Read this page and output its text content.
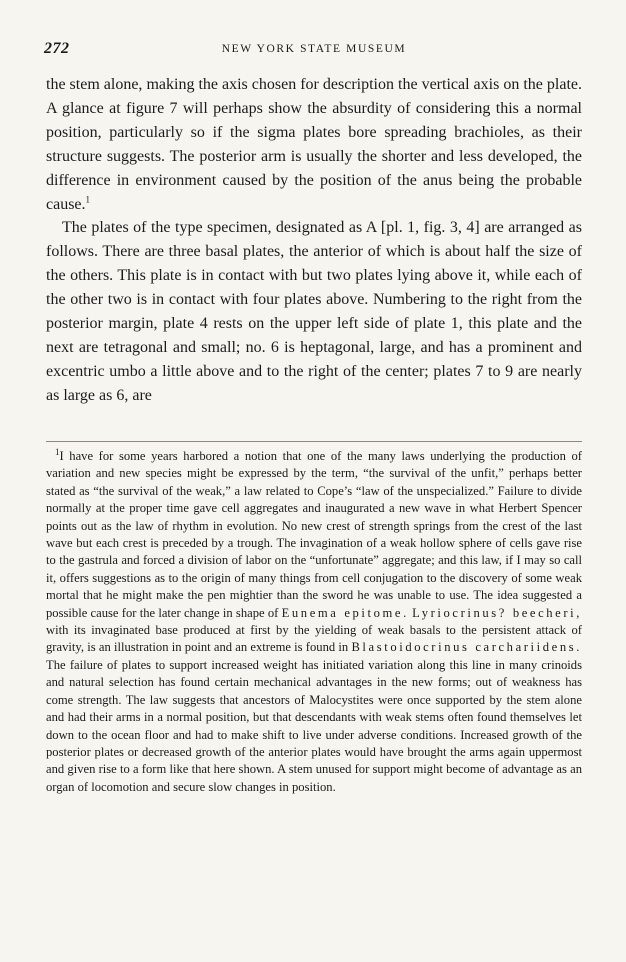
272	NEW YORK STATE MUSEUM

the stem alone, making the axis chosen for description the vertical axis on the plate. A glance at figure 7 will perhaps show the absurdity of considering this a normal position, particularly so if the sigma plates bore spreading brachioles, as their structure suggests. The posterior arm is usually the shorter and less developed, the difference in environment caused by the position of the anus being the probable cause.$^1$

The plates of the type specimen, designated as A [pl. 1, fig. 3, 4] are arranged as follows. There are three basal plates, the anterior of which is about half the size of the others. This plate is in contact with but two plates lying above it, while each of the other two is in contact with four plates above. Numbering to the right from the posterior margin, plate 4 rests on the upper left side of plate 1, this plate and the next are tetragonal and small; no. 6 is heptagonal, large, and has a prominent and excentric umbo a little above and to the right of the center; plates 7 to 9 are nearly as large as 6, are

$^1$I have for some years harbored a notion that one of the many laws underlying the production of variation and new species might be expressed by the term, “the survival of the unfit,” perhaps better stated as “the survival of the weak,” a law related to Cope’s “law of the unspecialized.” Failure to divide normally at the proper time gave cell aggregates and inaugurated a new wave in what Herbert Spencer points out as the law of rhythm in evolution. No new crest of strength springs from the crest of the last wave but each crest is preceded by a trough. The invagination of a weak hollow sphere of cells gave rise to the gastrula and forced a division of labor on the “unfortunate” aggregate; and this law, if I may so call it, offers suggestions as to the origin of many things from cell conjugation to the discovery of some weak mortal that he might make the pen mightier than the sword he was unable to use. The idea suggested a possible cause for the later change in shape of Eunema epitome. Lyriocrinus? beecheri, with its invaginated base produced at first by the yielding of weak basals to the persistent attack of gravity, is an illustration in point and an extreme is found in Blastoidocrinus carchariidens. The failure of plates to support increased weight has initiated variation along this line in many crinoids and natural selection has found certain mechanical advantages in the new forms; out of weakness has come strength. The law suggests that ancestors of Malocystites were once supported by the stem alone and had their arms in a normal position, but that descendants with weak stems often found themselves let down to the ocean floor and had to make shift to live under adverse conditions. Increased growth of the posterior plates or decreased growth of the anterior plates would have brought the arms again uppermost and given rise to a form like that here shown. A stem unused for support might become of advantage as an organ of locomotion and secure slow changes in position.
